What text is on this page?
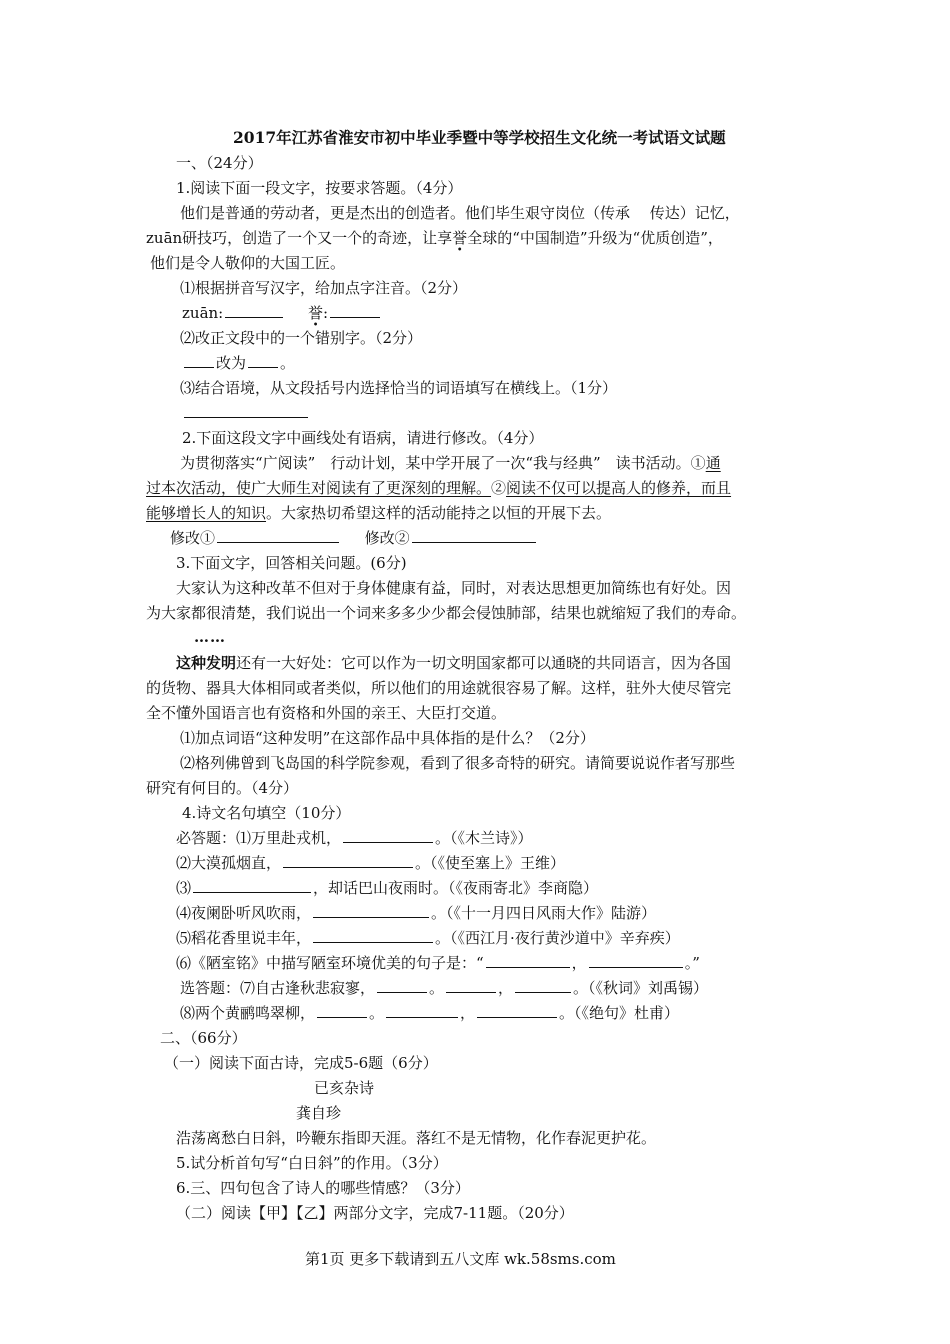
2017年江苏省淮安市初中毕业季暨中等学校招生文化统一考试语文试题
一、（24分）
1.阅读下面一段文字，按要求答题。（4分）
他们是普通的劳动者，更是杰出的创造者。他们毕生艰守岗位（传承　 传达）记忆，
zuān研技巧，创造了一个又一个的奇迹，让享誉全球的“中国制造”升级为“优质创造”，
他们是令人敬仰的大国工匠。
⑴根据拼音写汉字，给加点字注音。（2分）
zuān:	誉:
⑵改正文段中的一个错别字。（2分）
改为 。
⑶结合语境，从文段括号内选择恰当的词语填写在横线上。（1分）
2.下面这段文字中画线处有语病，请进行修改。（4分）
为贯彻落实“广阅读”　行动计划，某中学开展了一次“我与经典”　读书活动。①通
过本次活动，使广大师生对阅读有了更深刻的理解。②阅读不仅可以提高人的修养，而且
能够增长人的知识。大家热切希望这样的活动能持之以恒的开展下去。
修改①	修改②
3.下面文字，回答相关问题。(6分)
大家认为这种改革不但对于身体健康有益，同时，对表达思想更加简练也有好处。因
为大家都很清楚，我们说出一个词来多多少少都会侵蚀肺部，结果也就缩短了我们的寿命。
……
这种发明还有一大好处：它可以作为一切文明国家都可以通晓的共同语言，因为各国
的货物、器具大体相同或者类似，所以他们的用途就很容易了解。这样，驻外大使尽管完
全不懂外国语言也有资格和外国的亲王、大臣打交道。
⑴加点词语“这种发明”在这部作品中具体指的是什么？（2分）
⑵格列佛曾到飞岛国的科学院参观，看到了很多奇特的研究。请简要说说作者写那些
研究有何目的。（4分）
4.诗文名句填空（10分）
必答题：⑴万里赴戎机，	。（《木兰诗》）
⑵大漠孤烟直，	。（《使至塞上》王维）
⑶	，却话巴山夜雨时。（《夜雨寄北》李商隐）
⑷夜阑卧听风吹雨，	。（《十一月四日风雨大作》陆游）
⑸稻花香里说丰年，	。（《西江月·夜行黄沙道中》辛弃疾）
⑹《陋室铭》中描写陋室环境优美的句子是：“	，	。”
选答题：⑺自古逢秋悲寂寥，	。	，	。（《秋词》刘禹锡）
⑻两个黄鹂鸣翠柳，	。	，	。（《绝句》杜甫）
二、（66分）
（一）阅读下面古诗，完成5-6题（6分）
已亥杂诗
龚自珍
浩荡离愁白日斜，吟鞭东指即天涯。落红不是无情物，化作春泥更护花。
5.试分析首句写“白日斜”的作用。（3分）
6.三、四句包含了诗人的哪些情感？（3分）
（二）阅读【甲】【乙】两部分文字，完成7-11题。（20分）
第1页 更多下载请到五八文库 wk.58sms.com
